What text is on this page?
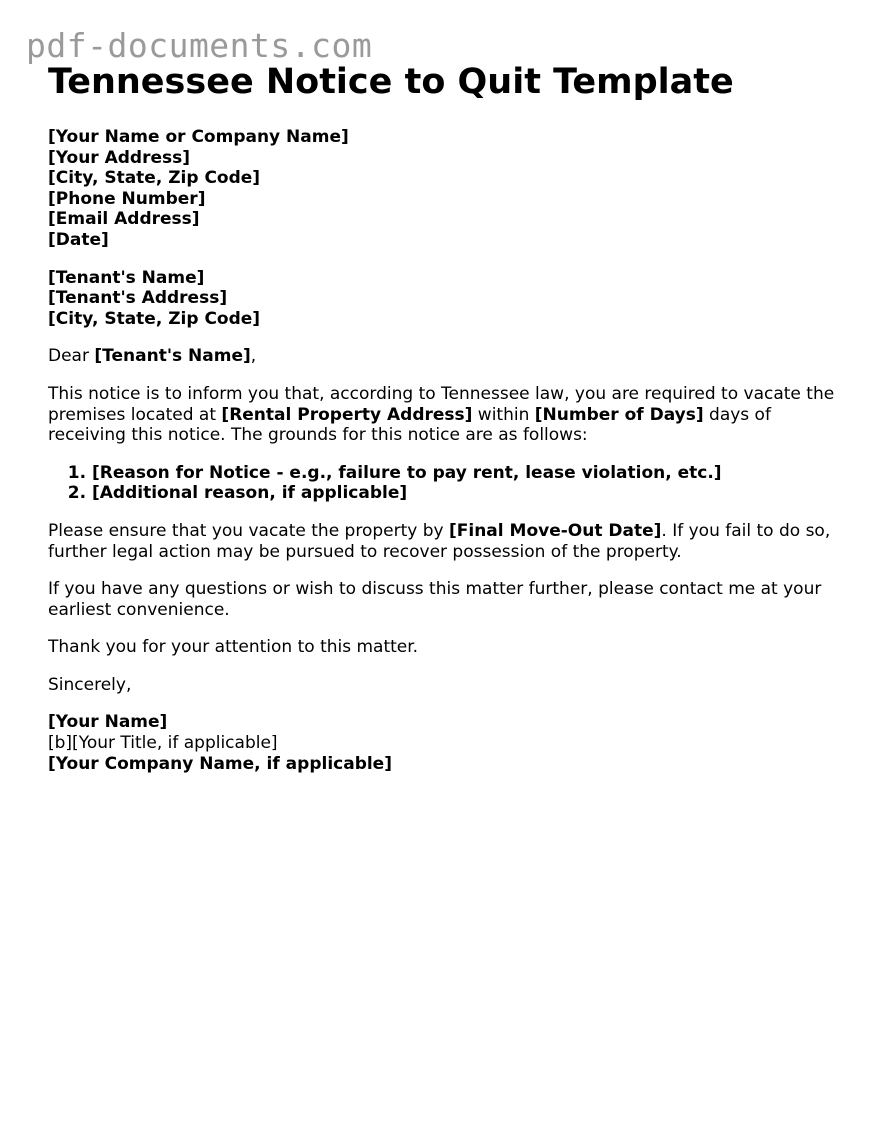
pdf-documents.com
Tennessee Notice to Quit Template
[Your Name or Company Name]
[Your Address]
[City, State, Zip Code]
[Phone Number]
[Email Address]
[Date]
[Tenant's Name]
[Tenant's Address]
[City, State, Zip Code]

Dear [Tenant's Name],

This notice is to inform you that, according to Tennessee law, you are required to vacate the premises located at [Rental Property Address] within [Number of Days] days of receiving this notice. The grounds for this notice are as follows:

1. [Reason for Notice - e.g., failure to pay rent, lease violation, etc.]
2. [Additional reason, if applicable]

Please ensure that you vacate the property by [Final Move-Out Date]. If you fail to do so, further legal action may be pursued to recover possession of the property.

If you have any questions or wish to discuss this matter further, please contact me at your earliest convenience.

Thank you for your attention to this matter.

Sincerely,

[Your Name]
[b][Your Title, if applicable]
[Your Company Name, if applicable]
